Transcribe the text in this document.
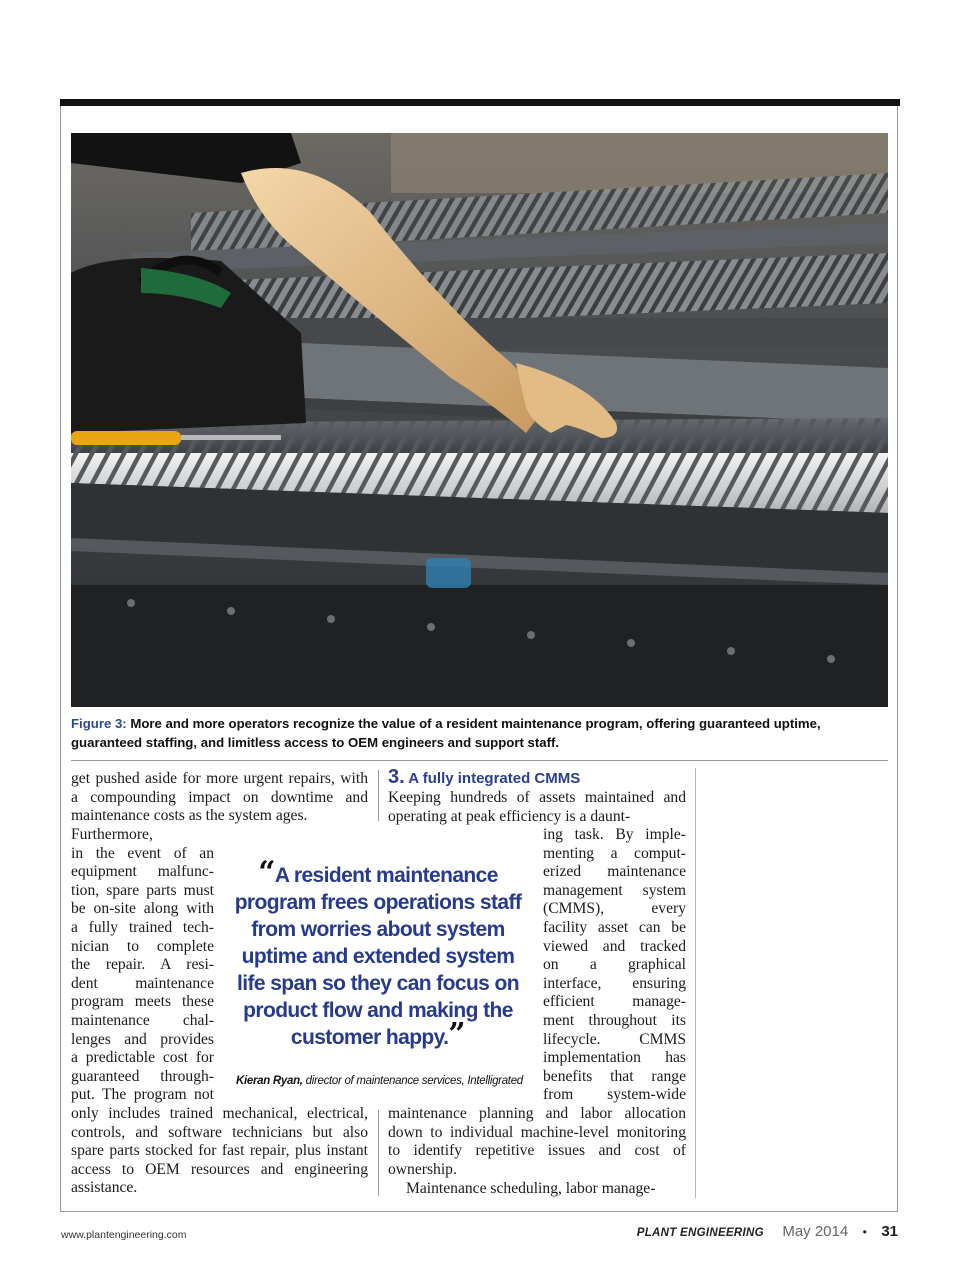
Figure 3: More and more operators recognize the value of a resident maintenance program, offering guaranteed uptime, guaranteed staffing, and limitless access to OEM engineers and support staff.

get pushed aside for more urgent repairs, with a compounding impact on downtime and maintenance costs as the system ages.

Furthermore,
in the event of an
equipment malfunc-
tion, spare parts must
be on-site along with
a fully trained tech-
nician to complete
the repair. A resi-
dent maintenance
program meets these
maintenance chal-
lenges and provides
a predictable cost for
guaranteed through-
put. The program not

only includes trained mechanical, electrical, controls, and software technicians but also spare parts stocked for fast repair, plus instant access to OEM resources and engineering assistance.

3. A fully integrated CMMS

Keeping hundreds of assets maintained and operating at peak efficiency is a daunt-

ing task. By imple-
menting a comput-
erized maintenance
management system
(CMMS), every
facility asset can be
viewed and tracked
on a graphical
interface, ensuring
efficient manage-
ment throughout its
lifecycle. CMMS
implementation has
benefits that range
from system-wide

maintenance planning and labor allocation down to individual machine-level monitoring to identify repetitive issues and cost of ownership.

Maintenance scheduling, labor manage-

“A resident maintenance program frees operations staff from worries about system uptime and extended system life span so they can focus on product flow and making the customer happy.”
Kieran Ryan, director of maintenance services, Intelligrated
www.plantengineering.com	PLANT ENGINEERING May 2014 • 31
